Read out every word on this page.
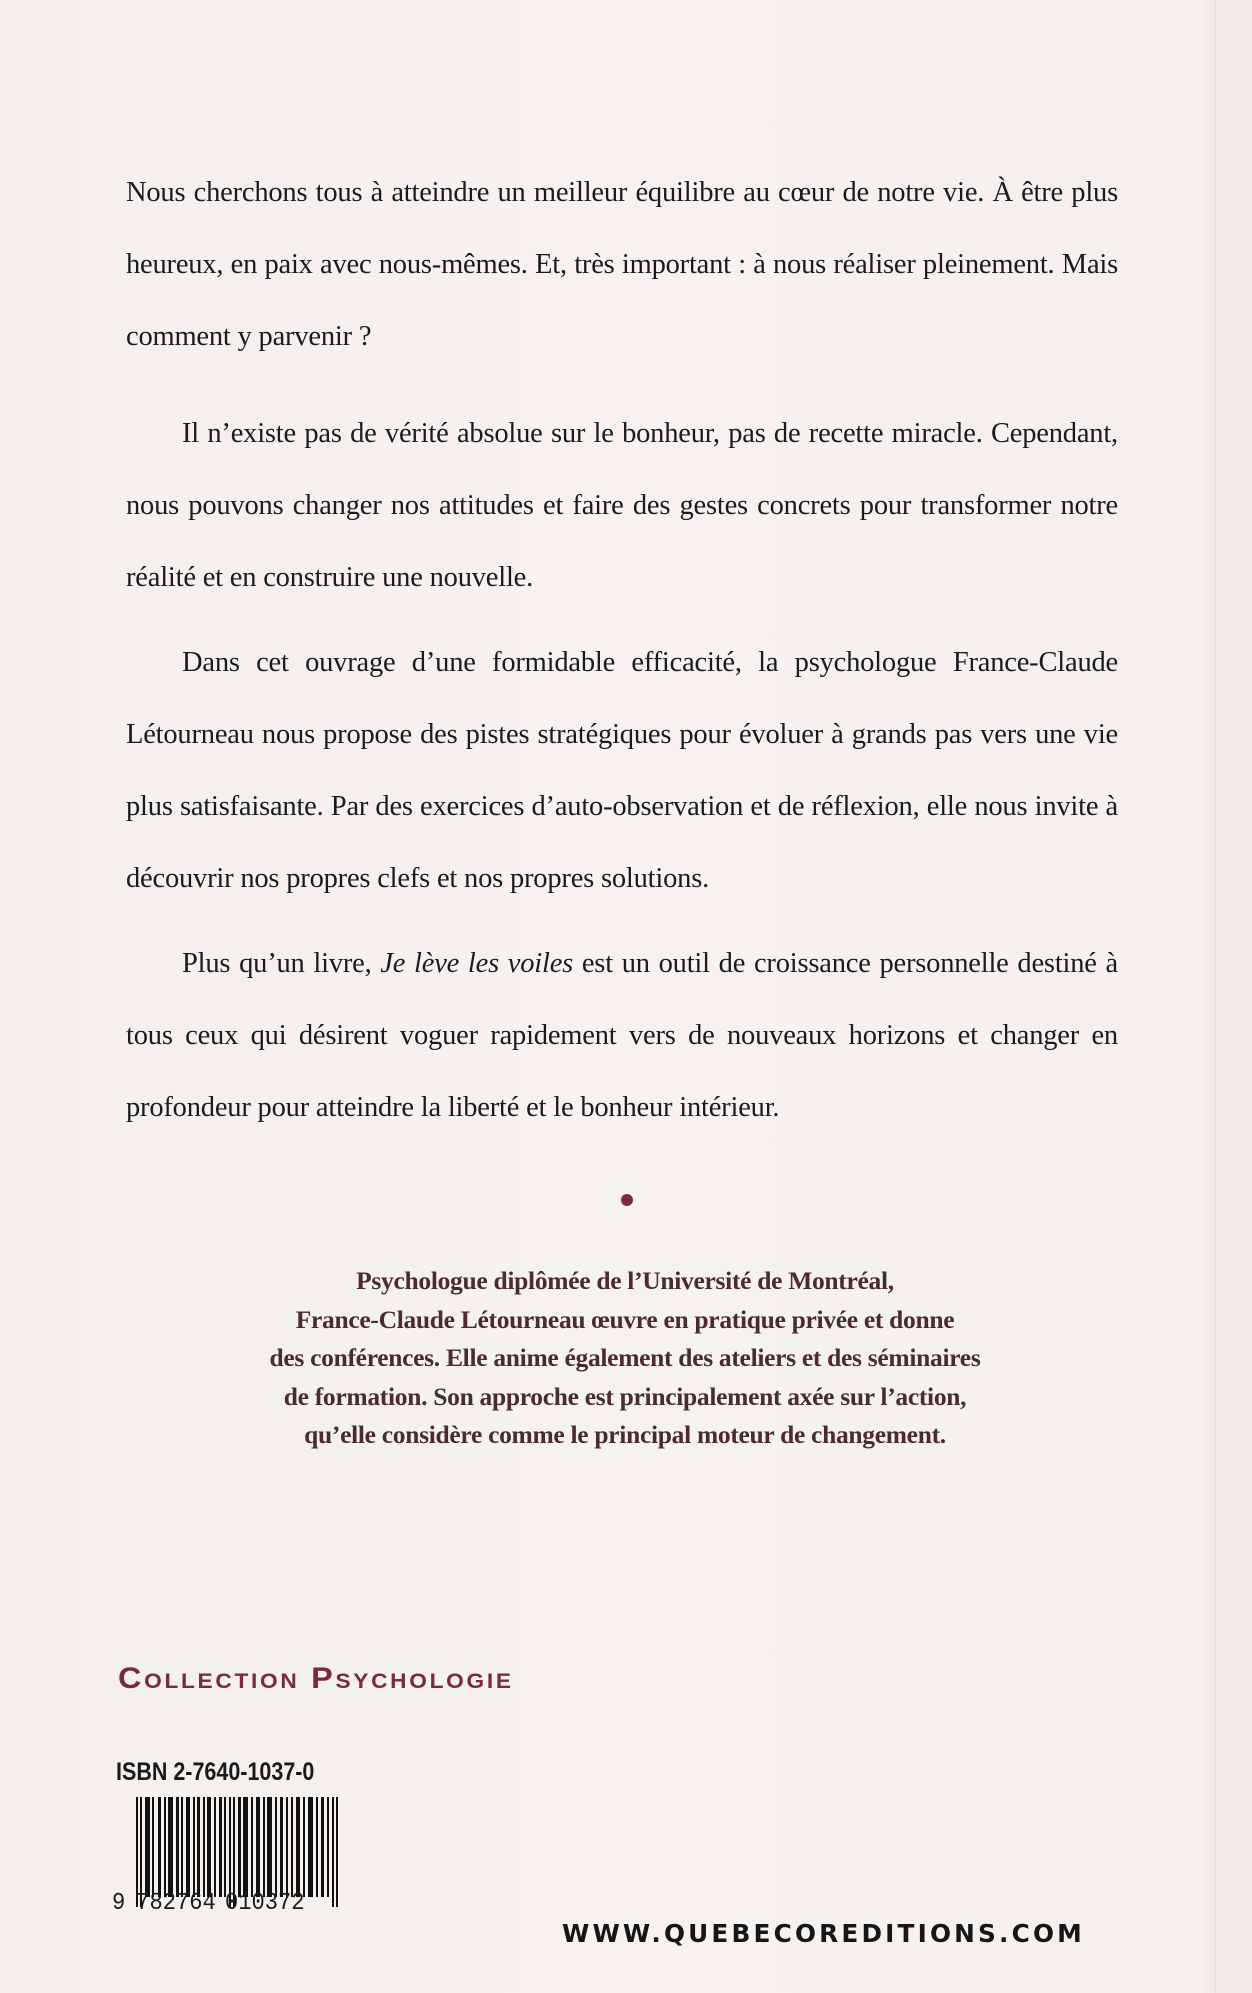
Nous cherchons tous à atteindre un meilleur équilibre au cœur de notre vie. À être plus heureux, en paix avec nous-mêmes. Et, très important : à nous réaliser pleinement. Mais comment y parvenir ?
Il n’existe pas de vérité absolue sur le bonheur, pas de recette miracle. Cependant, nous pouvons changer nos attitudes et faire des gestes concrets pour transformer notre réalité et en construire une nouvelle.
Dans cet ouvrage d’une formidable efficacité, la psychologue France-Claude Létourneau nous propose des pistes stratégiques pour évoluer à grands pas vers une vie plus satisfaisante. Par des exercices d’auto-observation et de réflexion, elle nous invite à découvrir nos propres clefs et nos propres solutions.
Plus qu’un livre, Je lève les voiles est un outil de croissance personnelle destiné à tous ceux qui désirent voguer rapidement vers de nouveaux horizons et changer en profondeur pour atteindre la liberté et le bonheur intérieur.
Psychologue diplômée de l’Université de Montréal,
France-Claude Létourneau œuvre en pratique privée et donne
des conférences. Elle anime également des ateliers et des séminaires
de formation. Son approche est principalement axée sur l’action,
qu’elle considère comme le principal moteur de changement.
Collection Psychologie
ISBN 2-7640-1037-0
9 782764 010372
WWW.QUEBECOREDITIONS.COM
